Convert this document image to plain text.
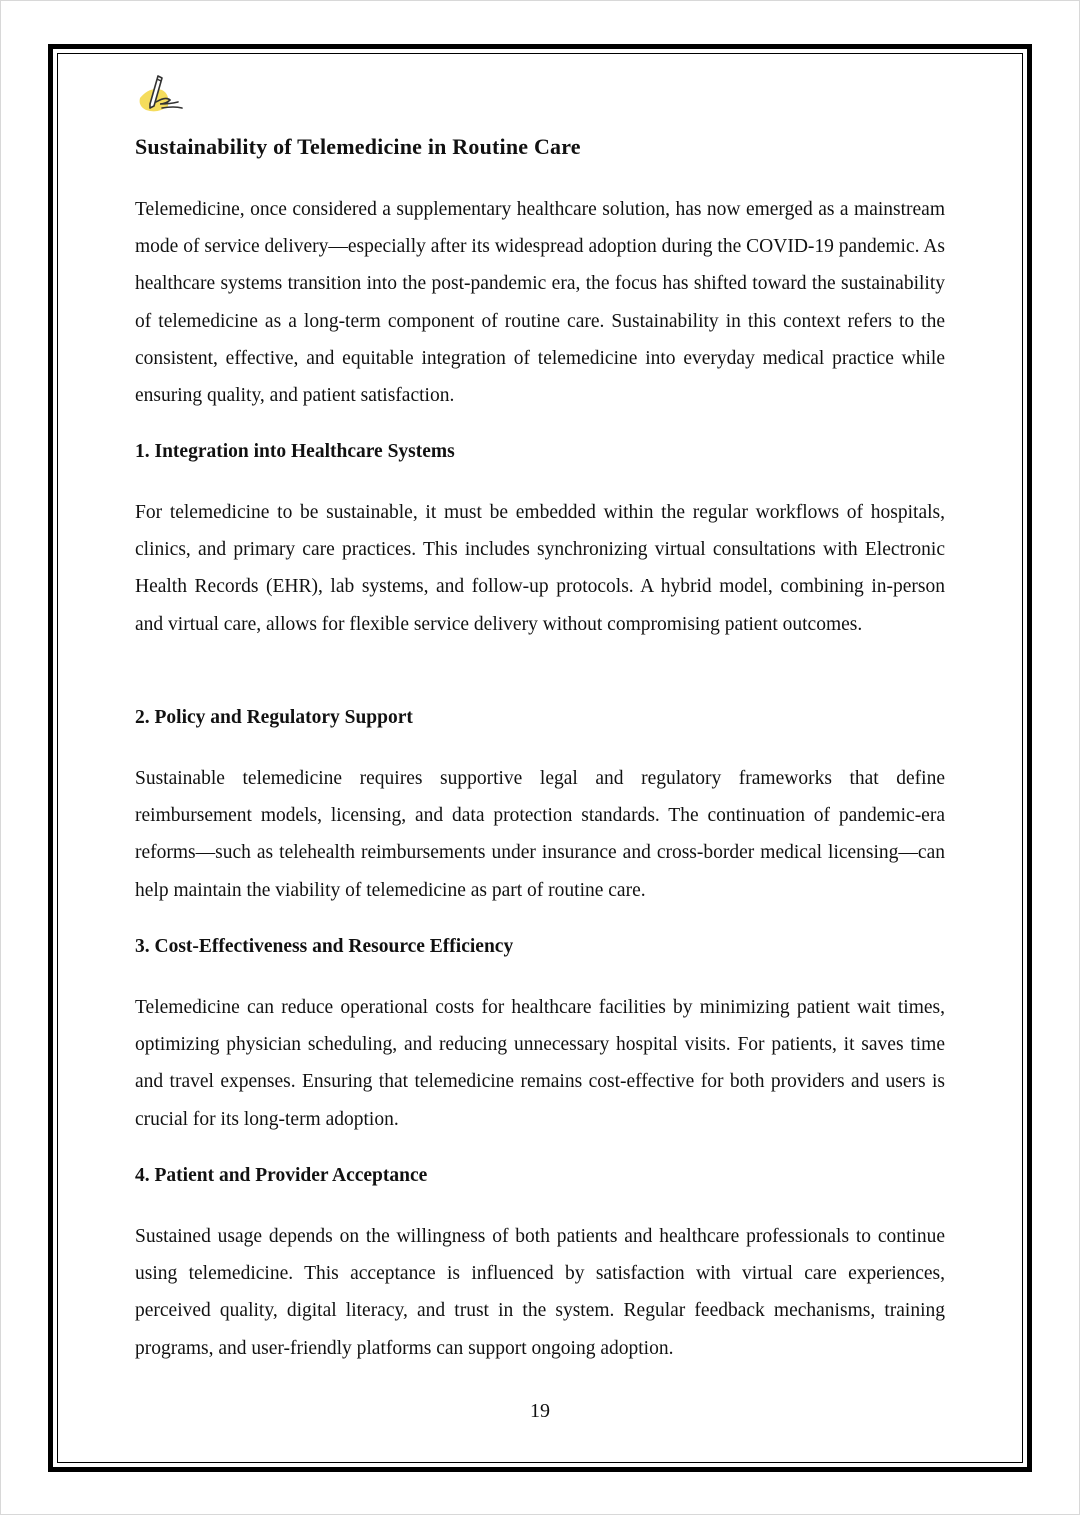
Sustainability of Telemedicine in Routine Care

Telemedicine, once considered a supplementary healthcare solution, has now emerged as a mainstream mode of service delivery—especially after its widespread adoption during the COVID-19 pandemic. As healthcare systems transition into the post-pandemic era, the focus has shifted toward the sustainability of telemedicine as a long-term component of routine care. Sustainability in this context refers to the consistent, effective, and equitable integration of telemedicine into everyday medical practice while ensuring quality, and patient satisfaction.

1. Integration into Healthcare Systems

For telemedicine to be sustainable, it must be embedded within the regular workflows of hospitals, clinics, and primary care practices. This includes synchronizing virtual consultations with Electronic Health Records (EHR), lab systems, and follow-up protocols. A hybrid model, combining in-person and virtual care, allows for flexible service delivery without compromising patient outcomes.

2. Policy and Regulatory Support

Sustainable telemedicine requires supportive legal and regulatory frameworks that define reimbursement models, licensing, and data protection standards. The continuation of pandemic-era reforms—such as telehealth reimbursements under insurance and cross-border medical licensing—can help maintain the viability of telemedicine as part of routine care.

3. Cost-Effectiveness and Resource Efficiency

Telemedicine can reduce operational costs for healthcare facilities by minimizing patient wait times, optimizing physician scheduling, and reducing unnecessary hospital visits. For patients, it saves time and travel expenses. Ensuring that telemedicine remains cost-effective for both providers and users is crucial for its long-term adoption.

4. Patient and Provider Acceptance

Sustained usage depends on the willingness of both patients and healthcare professionals to continue using telemedicine. This acceptance is influenced by satisfaction with virtual care experiences, perceived quality, digital literacy, and trust in the system. Regular feedback mechanisms, training programs, and user-friendly platforms can support ongoing adoption.

19
